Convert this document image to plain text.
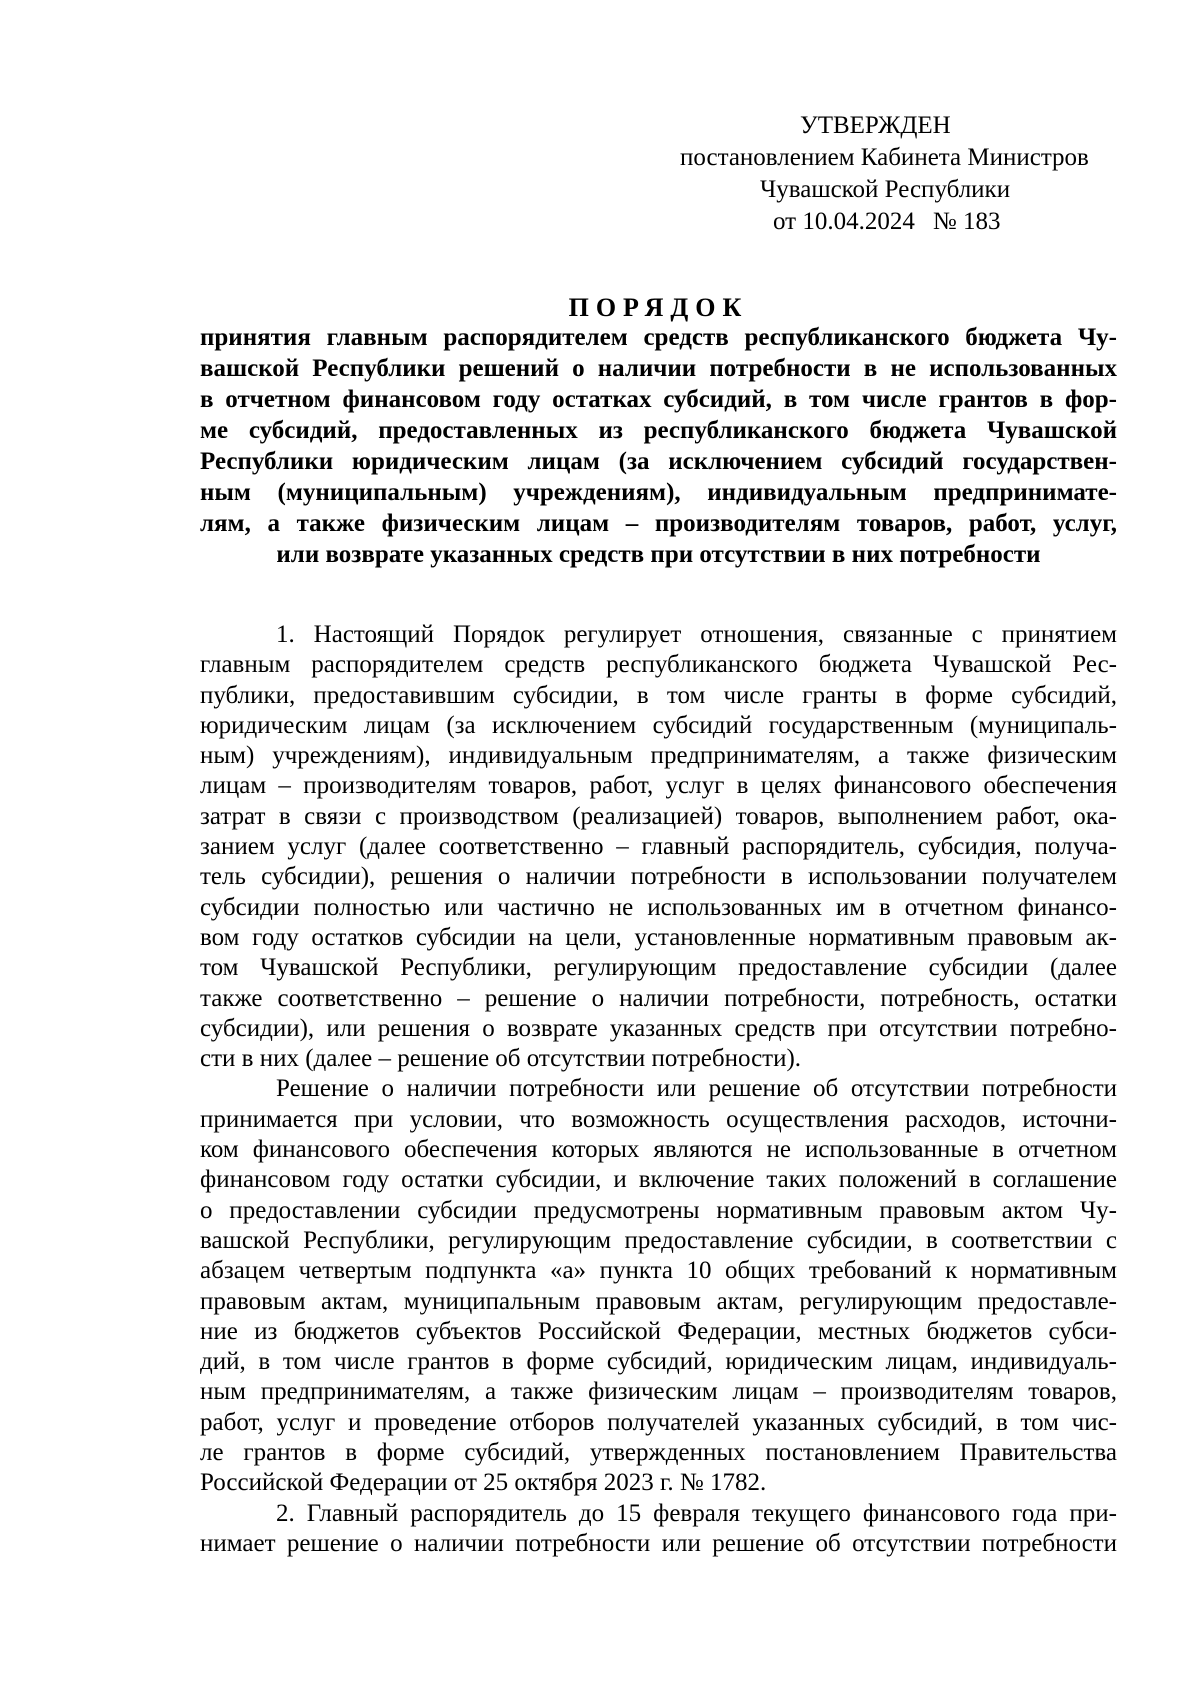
УТВЕРЖДЕН
постановлением Кабинета Министров
Чувашской Республики
от 10.04.2024 № 183
ПОРЯДОК
принятия главным распорядителем средств республиканского бюджета Чу-
вашской Республики решений о наличии потребности в не использованных
в отчетном финансовом году остатках субсидий, в том числе грантов в фор-
ме субсидий, предоставленных из республиканского бюджета Чувашской
Республики юридическим лицам (за исключением субсидий государствен-
ным (муниципальным) учреждениям), индивидуальным предпринимате-
лям, а также физическим лицам – производителям товаров, работ, услуг,
или возврате указанных средств при отсутствии в них потребности
1. Настоящий Порядок регулирует отношения, связанные с принятием
главным распорядителем средств республиканского бюджета Чувашской Рес-
публики, предоставившим субсидии, в том числе гранты в форме субсидий,
юридическим лицам (за исключением субсидий государственным (муниципаль-
ным) учреждениям), индивидуальным предпринимателям, а также физическим
лицам – производителям товаров, работ, услуг в целях финансового обеспечения
затрат в связи с производством (реализацией) товаров, выполнением работ, ока-
занием услуг (далее соответственно – главный распорядитель, субсидия, получа-
тель субсидии), решения о наличии потребности в использовании получателем
субсидии полностью или частично не использованных им в отчетном финансо-
вом году остатков субсидии на цели, установленные нормативным правовым ак-
том Чувашской Республики, регулирующим предоставление субсидии (далее
также соответственно – решение о наличии потребности, потребность, остатки
субсидии), или решения о возврате указанных средств при отсутствии потребно-
сти в них (далее – решение об отсутствии потребности).
Решение о наличии потребности или решение об отсутствии потребности
принимается при условии, что возможность осуществления расходов, источни-
ком финансового обеспечения которых являются не использованные в отчетном
финансовом году остатки субсидии, и включение таких положений в соглашение
о предоставлении субсидии предусмотрены нормативным правовым актом Чу-
вашской Республики, регулирующим предоставление субсидии, в соответствии с
абзацем четвертым подпункта «а» пункта 10 общих требований к нормативным
правовым актам, муниципальным правовым актам, регулирующим предоставле-
ние из бюджетов субъектов Российской Федерации, местных бюджетов субси-
дий, в том числе грантов в форме субсидий, юридическим лицам, индивидуаль-
ным предпринимателям, а также физическим лицам – производителям товаров,
работ, услуг и проведение отборов получателей указанных субсидий, в том чис-
ле грантов в форме субсидий, утвержденных постановлением Правительства
Российской Федерации от 25 октября 2023 г. № 1782.
2. Главный распорядитель до 15 февраля текущего финансового года при-
нимает решение о наличии потребности или решение об отсутствии потребности
